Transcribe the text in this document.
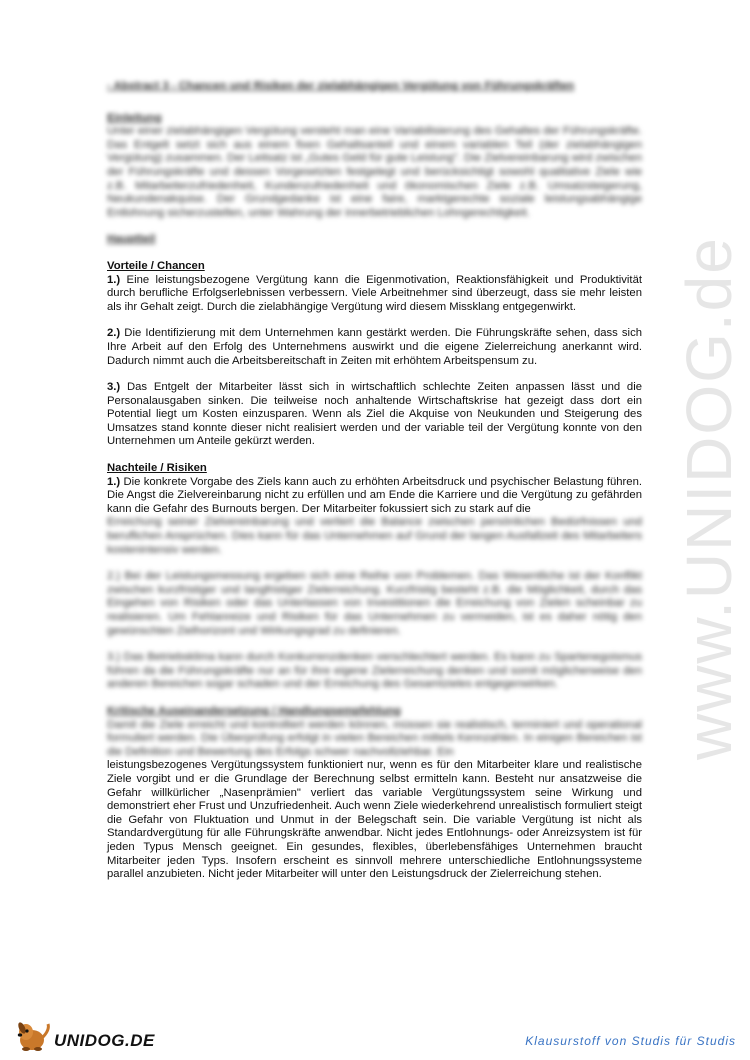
www.UNIDOG.de

- Abstract 3 - Chancen und Risiken der zielabhängigen Vergütung von Führungskräften

Einleitung

Unter einer zielabhängigen Vergütung versteht man eine Variabilisierung des Gehaltes der Führungskräfte. Das Entgelt setzt sich aus einem fixen Gehaltsanteil und einem variablen Teil (der zielabhängigen Vergütung) zusammen. Der Leitsatz ist „Gutes Geld für gute Leistung". Die Zielvereinbarung wird zwischen der Führungskräfte und dessen Vorgesetzten festgelegt und berücksichtigt sowohl qualitative Ziele wie z.B. Mitarbeiterzufriedenheit, Kundenzufriedenheit und ökonomischen Ziele z.B. Umsatzsteigerung, Neukundenakquise. Der Grundgedanke ist eine faire, marktgerechte soziale leistungsabhängige Entlohnung sicherzustellen, unter Wahrung der innerbetrieblichen Lohngerechtigkeit.

Hauptteil

Vorteile / Chancen

1.) Eine leistungsbezogene Vergütung kann die Eigenmotivation, Reaktionsfähigkeit und Produktivität durch berufliche Erfolgserlebnissen verbessern. Viele Arbeitnehmer sind überzeugt, dass sie mehr leisten als ihr Gehalt zeigt. Durch die zielabhängige Vergütung wird diesem Missklang entgegenwirkt.

2.) Die Identifizierung mit dem Unternehmen kann gestärkt werden. Die Führungskräfte sehen, dass sich Ihre Arbeit auf den Erfolg des Unternehmens auswirkt und die eigene Zielerreichung anerkannt wird. Dadurch nimmt auch die Arbeitsbereitschaft in Zeiten mit erhöhtem Arbeitspensum zu.

3.) Das Entgelt der Mitarbeiter lässt sich in wirtschaftlich schlechte Zeiten anpassen lässt und die Personalausgaben sinken. Die teilweise noch anhaltende Wirtschaftskrise hat gezeigt dass dort ein Potential liegt um Kosten einzusparen. Wenn als Ziel die Akquise von Neukunden und Steigerung des Umsatzes stand konnte dieser nicht realisiert werden und der variable teil der Vergütung konnte von den Unternehmen um Anteile gekürzt werden.

Nachteile / Risiken

1.) Die konkrete Vorgabe des Ziels kann auch zu erhöhten Arbeitsdruck und psychischer Belastung führen. Die Angst die Zielvereinbarung nicht zu erfüllen und am Ende die Karriere und die Vergütung zu gefährden kann die Gefahr des Burnouts bergen. Der Mitarbeiter fokussiert sich zu stark auf die

Erreichung seiner Zielvereinbarung und verliert die Balance zwischen persönlichen Bedürfnissen und beruflichen Ansprüchen. Dies kann für das Unternehmen auf Grund der langen Ausfallzeit des Mitarbeiters kostenintensiv werden.

2.) Bei der Leistungsmessung ergeben sich eine Reihe von Problemen. Das Wesentliche ist der Konflikt zwischen kurzfristiger und langfristiger Zielerreichung. Kurzfristig besteht z.B. die Möglichkeit, durch das Eingehen von Risiken oder das Unterlassen von Investitionen die Erreichung von Zielen scheinbar zu realisieren. Um Fehlanreize und Risiken für das Unternehmen zu vermeiden, ist es daher nötig den gewünschten Zielhorizont und Wirkungsgrad zu definieren.

3.) Das Betriebsklima kann durch Konkurrenzdenken verschlechtert werden. Es kann zu Spartenegoismus führen da die Führungskräfte nur an für ihre eigene Zielerreichung denken und somit möglicherweise den anderen Bereichen sogar schaden und der Erreichung des Gesamtzieles entgegenwirken.

Kritische Auseinandersetzung / Handlungsempfehlung

Damit die Ziele erreicht und kontrolliert werden können, müssen sie realistisch, terminiert und operational formuliert werden. Die Überprüfung erfolgt in vielen Bereichen mittels Kennzahlen. In einigen Bereichen ist die Definition und Bewertung des Erfolgs schwer nachvollziehbar. Ein

leistungsbezogenes Vergütungssystem funktioniert nur, wenn es für den Mitarbeiter klare und realistische Ziele vorgibt und er die Grundlage der Berechnung selbst ermitteln kann. Besteht nur ansatzweise die Gefahr willkürlicher „Nasenprämien" verliert das variable Vergütungssystem seine Wirkung und demonstriert eher Frust und Unzufriedenheit. Auch wenn Ziele wiederkehrend unrealistisch formuliert steigt die Gefahr von Fluktuation und Unmut in der Belegschaft sein. Die variable Vergütung ist nicht als Standardvergütung für alle Führungskräfte anwendbar. Nicht jedes Entlohnungs- oder Anreizsystem ist für jeden Typus Mensch geeignet. Ein gesundes, flexibles, überlebensfähiges Unternehmen braucht Mitarbeiter jeden Typs. Insofern erscheint es sinnvoll mehrere unterschiedliche Entlohnungssysteme parallel anzubieten. Nicht jeder Mitarbeiter will unter den Leistungsdruck der Zielerreichung stehen.

UNIDOG.DE	Klausurstoff von Studis für Studis
